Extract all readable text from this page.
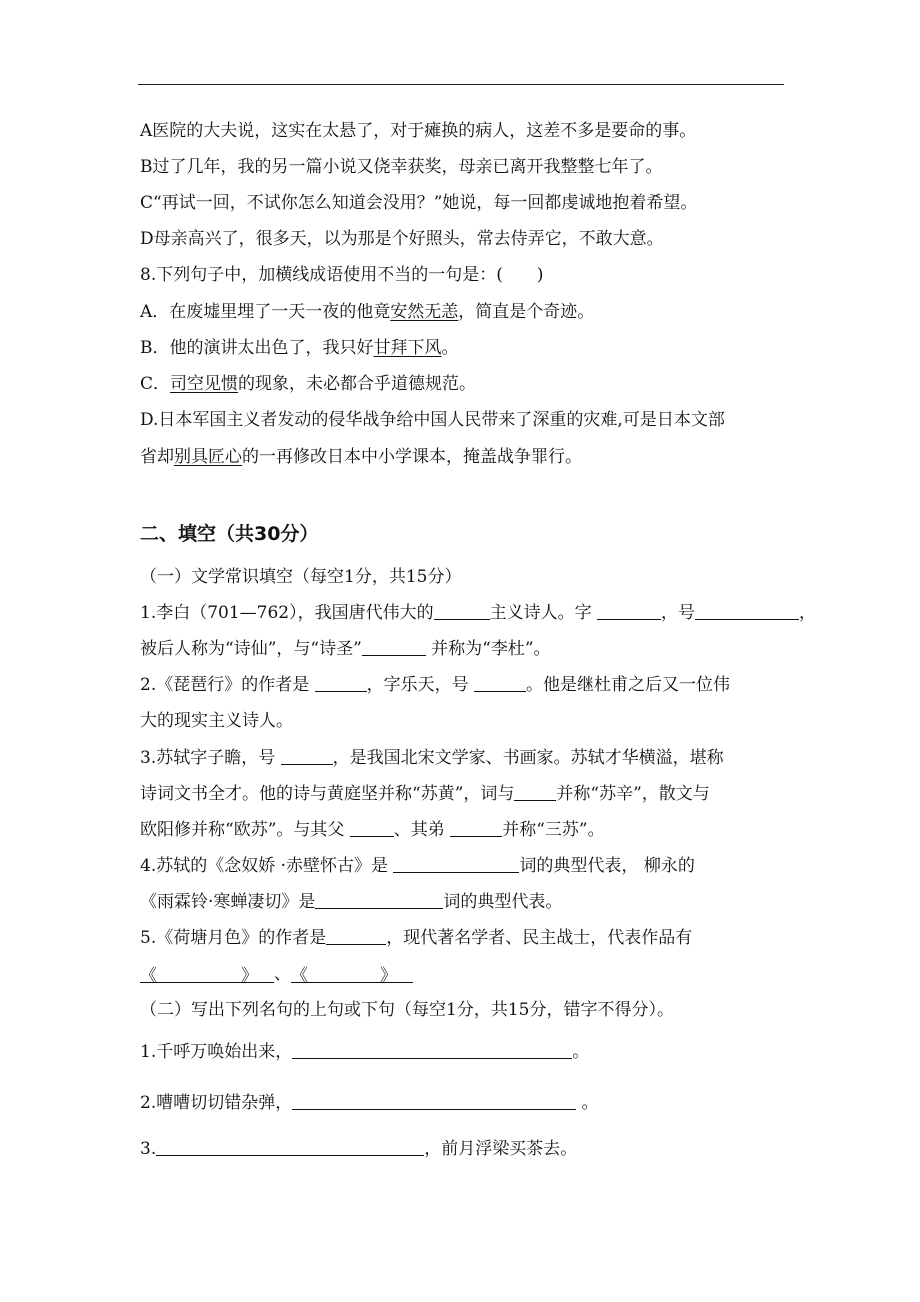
A医院的大夫说，这实在太悬了，对于瘫换的病人，这差不多是要命的事。
B过了几年，我的另一篇小说又侥幸获奖，母亲已离开我整整七年了。
C“再试一回，不试你怎么知道会没用？”她说，每一回都虔诚地抱着希望。
D母亲高兴了，很多天，以为那是个好照头，常去侍弄它，不敢大意。
8.下列句子中，加横线成语使用不当的一句是：(　　)
A．在废墟里埋了一天一夜的他竟安然无恙，简直是个奇迹。
B．他的演讲太出色了，我只好甘拜下风。
C．司空见惯的现象，未必都合乎道德规范。
D.日本军国主义者发动的侵华战争给中国人民带来了深重的灾难,可是日本文部
省却别具匠心的一再修改日本中小学课本，掩盖战争罪行。
二、填空（共30分）
（一）文学常识填空（每空1分，共15分）
1.李白（701—762），我国唐代伟大的	主义诗人。字	，号	，
被后人称为“诗仙”，与“诗圣”	并称为“李杜”。
2.《琵琶行》的作者是	，字乐天，号	。他是继杜甫之后又一位伟
大的现实主义诗人。
3.苏轼字子瞻，号	，是我国北宋文学家、书画家。苏轼才华横溢，堪称
诗词文书全才。他的诗与黄庭坚并称“苏黄”，词与 并称“苏辛”，散文与
欧阳修并称“欧苏”。与其父	、其弟	并称“三苏”。
4.苏轼的《念奴娇 ·赤壁怀古》是	词的典型代表， 柳永的
《雨霖铃·寒蝉凄切》是	词的典型代表。
5.《荷塘月色》的作者是	，现代著名学者、民主战士，代表作品有
《	》 、《	》
（二）写出下列名句的上句或下句（每空1分，共15分，错字不得分）。
1.千呼万唤始出来，	。
2.嘈嘈切切错杂弹，	。
3.	，前月浮梁买茶去。
